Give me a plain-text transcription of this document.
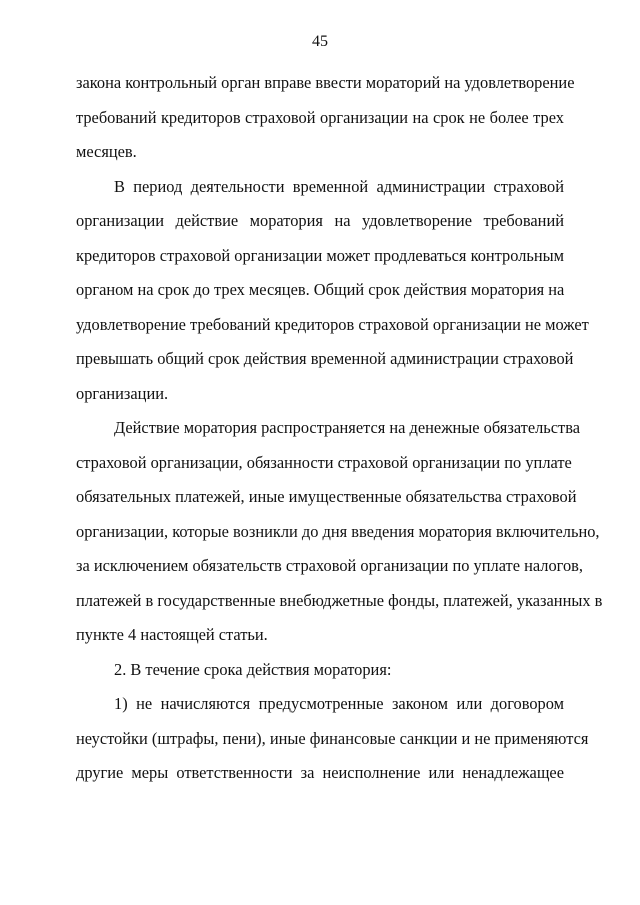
45
закона контрольный орган вправе ввести мораторий на удовлетворение
требований кредиторов страховой организации на срок не более трех
месяцев.
В период деятельности временной администрации страховой
организации действие моратория на удовлетворение требований
кредиторов страховой организации может продлеваться контрольным
органом на срок до трех месяцев. Общий срок действия моратория на
удовлетворение требований кредиторов страховой организации не может
превышать общий срок действия временной администрации страховой
организации.
Действие моратория распространяется на денежные обязательства
страховой организации, обязанности страховой организации по уплате
обязательных платежей, иные имущественные обязательства страховой
организации, которые возникли до дня введения моратория включительно,
за исключением обязательств страховой организации по уплате налогов,
платежей в государственные внебюджетные фонды, платежей, указанных в
пункте 4 настоящей статьи.
2. В течение срока действия моратория:
1) не начисляются предусмотренные законом или договором
неустойки (штрафы, пени), иные финансовые санкции и не применяются
другие меры ответственности за неисполнение или ненадлежащее
